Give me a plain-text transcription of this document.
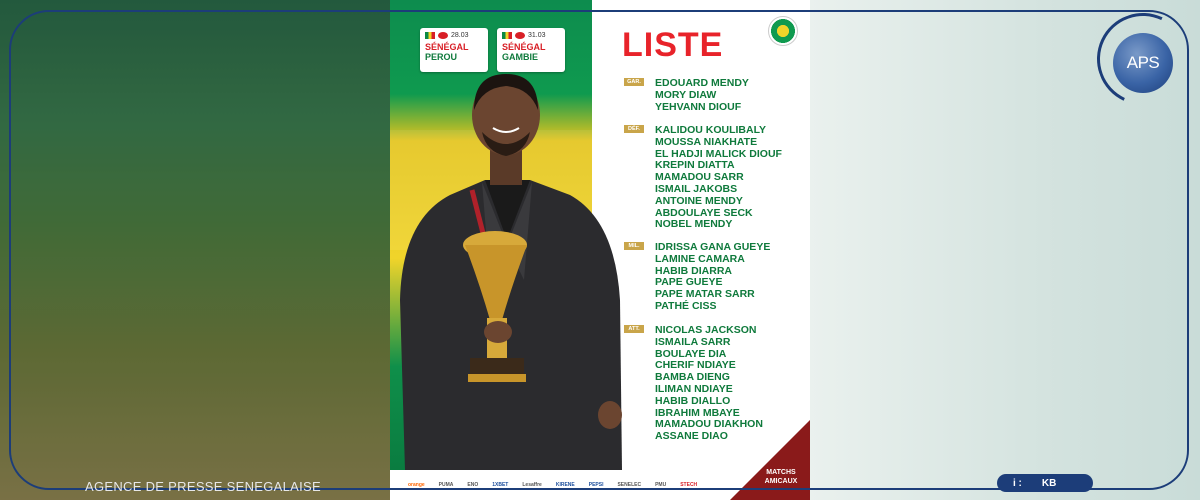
28.03
SÉNÉGAL
PEROU
31.03
SÉNÉGAL
GAMBIE	LISTE
GAR. EDOUARD MENDY
MORY DIAW
YEHVANN DIOUF
DÉF.	KALIDOU KOULIBALY
MOUSSA NIAKHATE
EL HADJI MALICK DIOUF
KREPIN DIATTA
MAMADOU SARR
ISMAIL JAKOBS
ANTOINE MENDY
ABDOULAYE SECK
NOBEL MENDY
MIL.	IDRISSA GANA GUEYE
LAMINE CAMARA
HABIB DIARRA
PAPE GUEYE
PAPE MATAR SARR
PATHÉ CISS
ATT.	NICOLAS JACKSON
ISMAILA SARR
BOULAYE DIA
CHERIF NDIAYE
BAMBA DIENG
ILIMAN NDIAYE
HABIB DIALLO
IBRAHIM MBAYE
MAMADOU DIAKHON
ASSANE DIAO
orange	PUMA	ENO	1XBET	Lesaffre	KIRENE	PEPSI	SENELEC	PMU	STECH
MATCHS AMICAUX
APS
AGENCE DE PRESSE SENEGALAISE	i : KB
